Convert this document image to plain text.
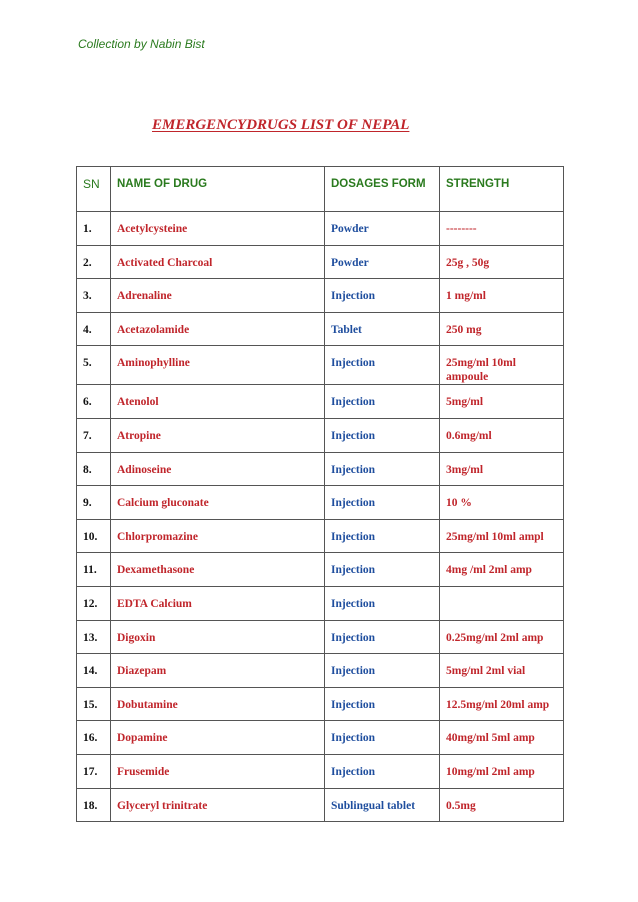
Collection by Nabin Bist
EMERGENCYDRUGS LIST OF NEPAL
SN	NAME OF DRUG	DOSAGES FORM	STRENGTH
1.	Acetylcysteine	Powder	--------
2.	Activated Charcoal	Powder	25g , 50g
3.	Adrenaline	Injection	1 mg/ml
4.	Acetazolamide	Tablet	250 mg
5.	Aminophylline	Injection	25mg/ml 10ml ampoule
6.	Atenolol	Injection	5mg/ml
7.	Atropine	Injection	0.6mg/ml
8.	Adinoseine	Injection	3mg/ml
9.	Calcium gluconate	Injection	10 %
10.	Chlorpromazine	Injection	25mg/ml 10ml ampl
11.	Dexamethasone	Injection	4mg /ml 2ml amp
12.	EDTA Calcium	Injection	
13.	Digoxin	Injection	0.25mg/ml 2ml amp
14.	Diazepam	Injection	5mg/ml 2ml vial
15.	Dobutamine	Injection	12.5mg/ml 20ml amp
16.	Dopamine	Injection	40mg/ml 5ml amp
17.	Frusemide	Injection	10mg/ml 2ml amp
18.	Glyceryl trinitrate	Sublingual tablet	0.5mg
